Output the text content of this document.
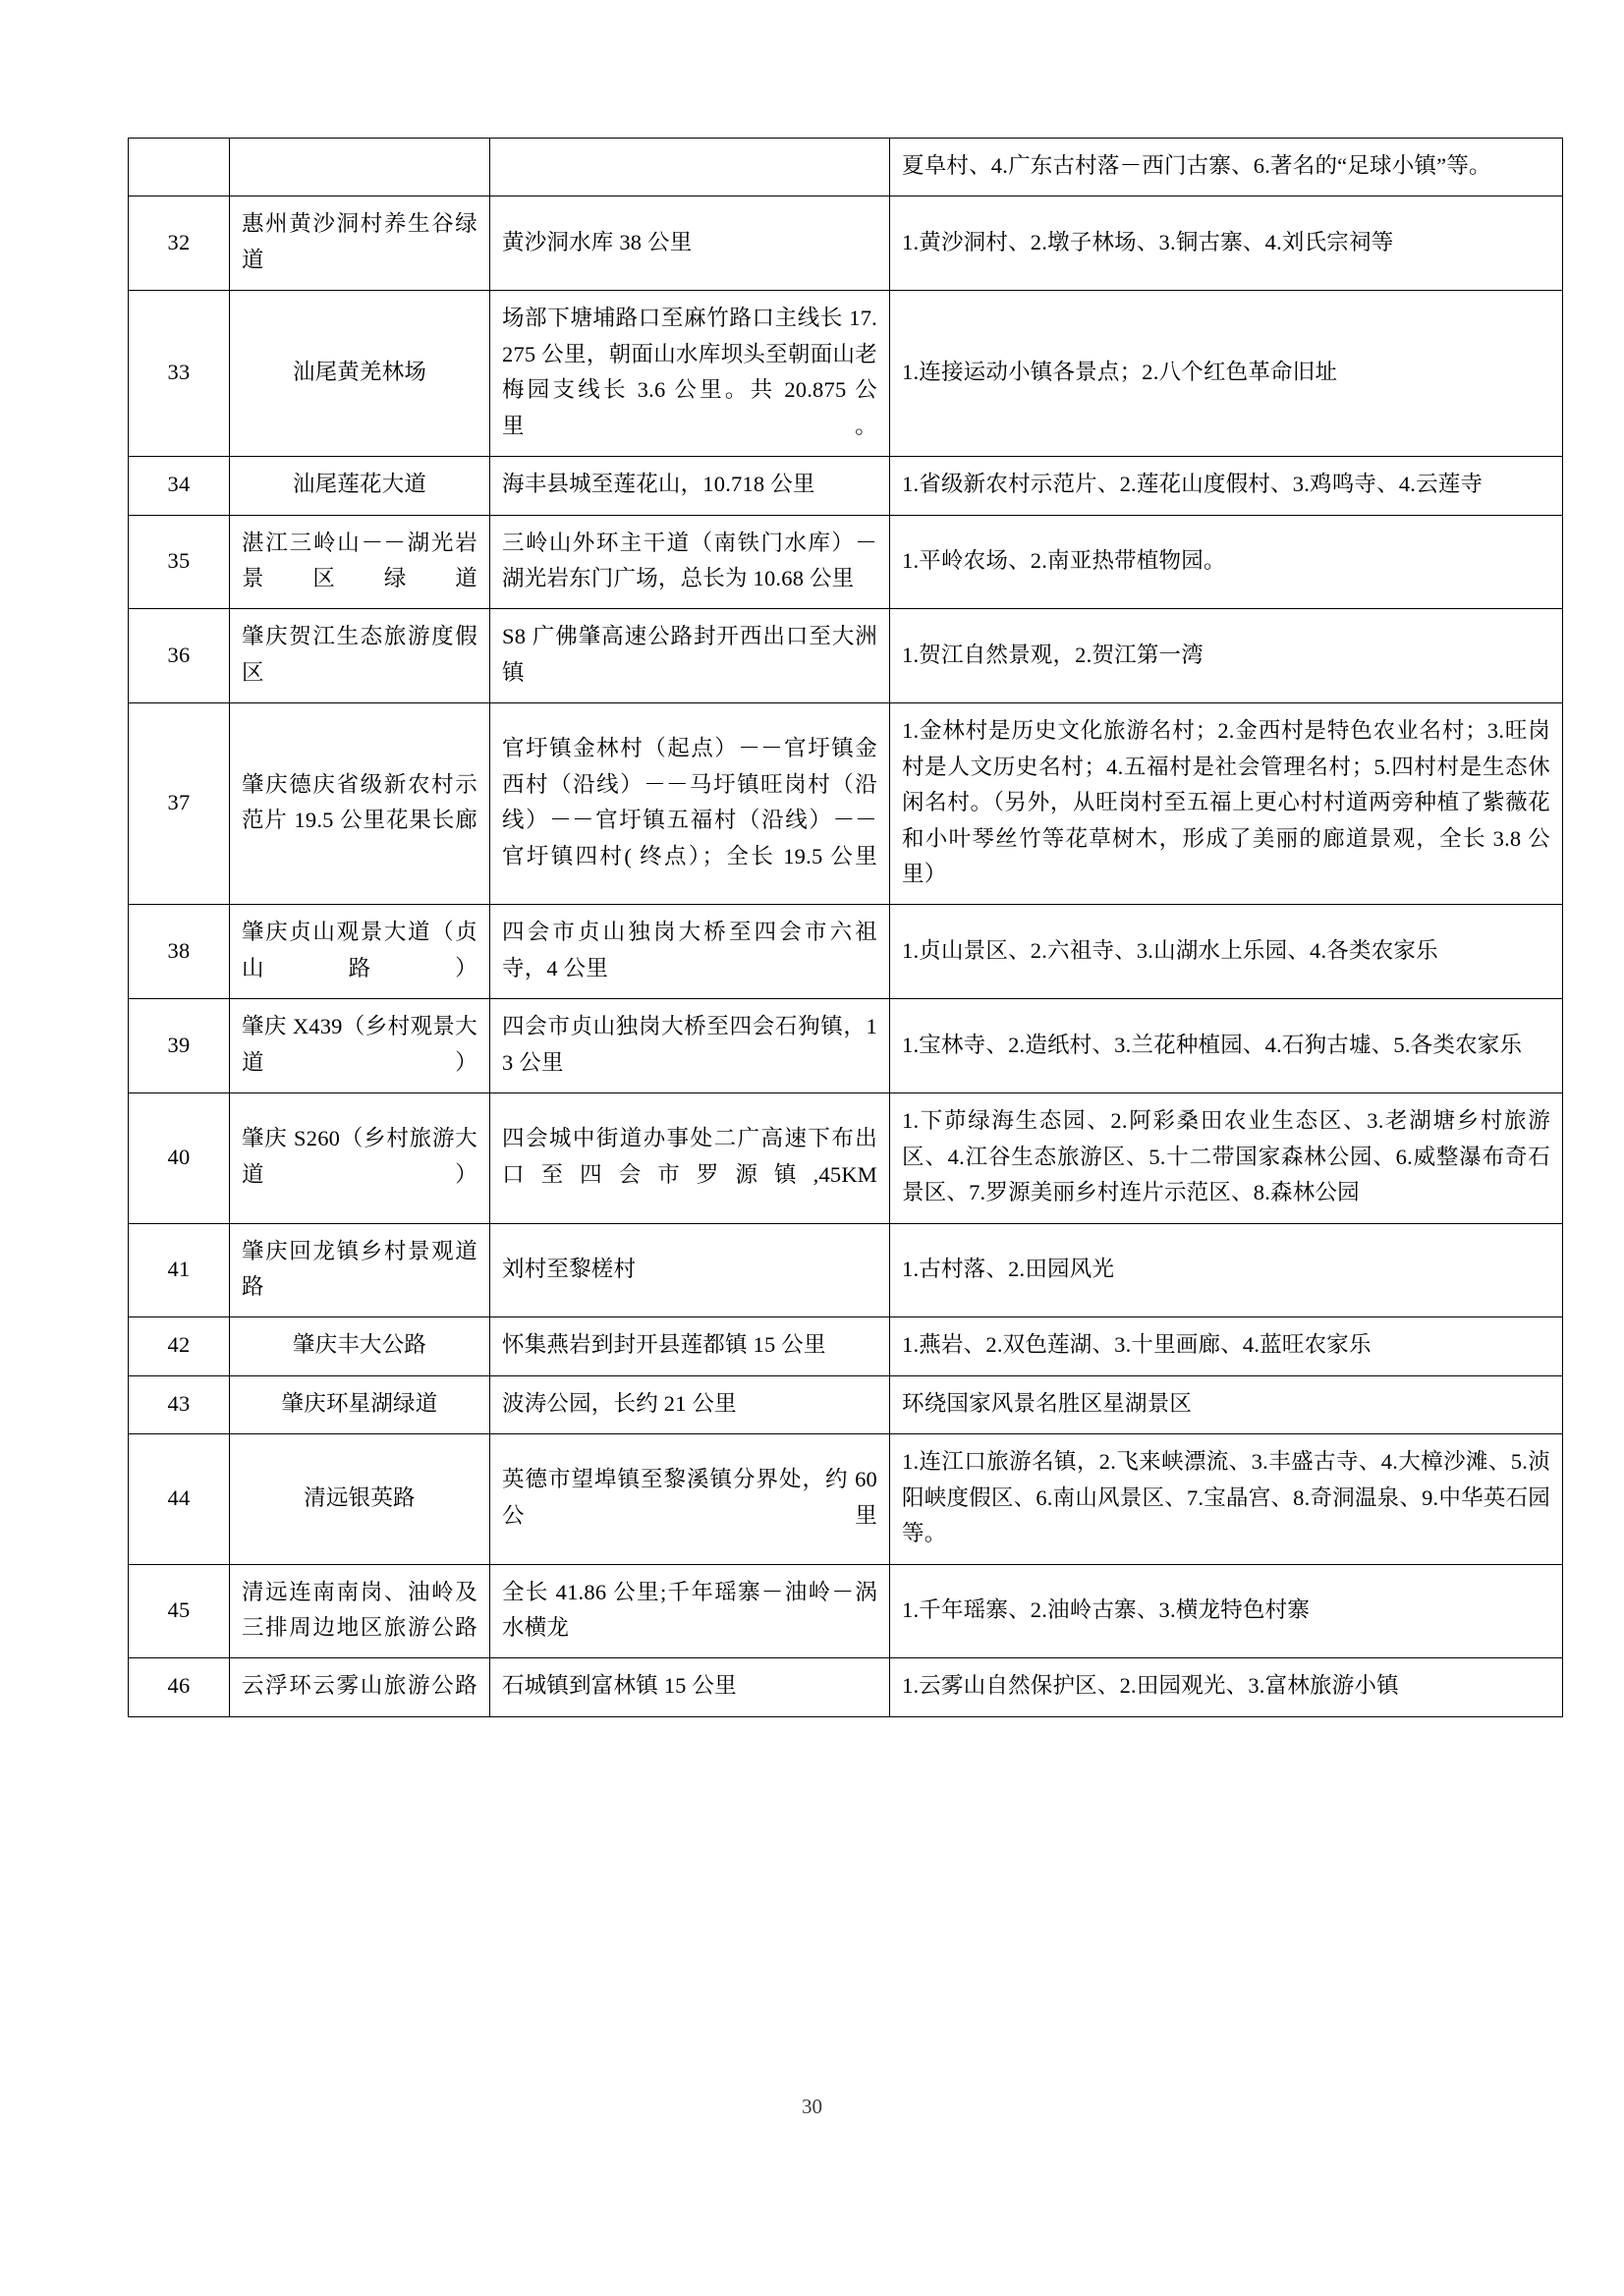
			夏阜村、4.广东古村落－西门古寨、6.著名的“足球小镇”等。
32	惠州黄沙洞村养生谷绿道	黄沙洞水库 38 公里	1.黄沙洞村、2.墩子林场、3.铜古寨、4.刘氏宗祠等
33	汕尾黄羌林场	场部下塘埔路口至麻竹路口主线长 17.275 公里，朝面山水库坝头至朝面山老梅园支线长 3.6 公里。共 20.875 公里。	1.连接运动小镇各景点；2.八个红色革命旧址
34	汕尾莲花大道	海丰县城至莲花山，10.718 公里	1.省级新农村示范片、2.莲花山度假村、3.鸡鸣寺、4.云莲寺
35	湛江三岭山－－湖光岩景区绿道	三岭山外环主干道（南铁门水库）－湖光岩东门广场，总长为 10.68 公里	1.平岭农场、2.南亚热带植物园。
36	肇庆贺江生态旅游度假区	S8 广佛肇高速公路封开西出口至大洲镇	1.贺江自然景观，2.贺江第一湾
37	肇庆德庆省级新农村示范片 19.5 公里花果长廊	官圩镇金林村（起点）－－官圩镇金西村（沿线）－－马圩镇旺岗村（沿线）－－官圩镇五福村（沿线）－－官圩镇四村( 终点）；全长 19.5 公里	1.金林村是历史文化旅游名村；2.金西村是特色农业名村；3.旺岗村是人文历史名村；4.五福村是社会管理名村；5.四村村是生态休闲名村。（另外，从旺岗村至五福上更心村村道两旁种植了紫薇花和小叶琴丝竹等花草树木，形成了美丽的廊道景观，全长 3.8 公里）
38	肇庆贞山观景大道（贞山路）	四会市贞山独岗大桥至四会市六祖寺，4 公里	1.贞山景区、2.六祖寺、3.山湖水上乐园、4.各类农家乐
39	肇庆 X439（乡村观景大道）	四会市贞山独岗大桥至四会石狗镇，13 公里	1.宝林寺、2.造纸村、3.兰花种植园、4.石狗古墟、5.各类农家乐
40	肇庆 S260（乡村旅游大道）	四会城中街道办事处二广高速下布出口至四会市罗源镇,45KM	1.下茆绿海生态园、2.阿彩桑田农业生态区、3.老湖塘乡村旅游区、4.江谷生态旅游区、5.十二带国家森林公园、6.威整瀑布奇石景区、7.罗源美丽乡村连片示范区、8.森林公园
41	肇庆回龙镇乡村景观道路	刘村至黎槎村	1.古村落、2.田园风光
42	肇庆丰大公路	怀集燕岩到封开县莲都镇 15 公里	1.燕岩、2.双色莲湖、3.十里画廊、4.蓝旺农家乐
43	肇庆环星湖绿道	波涛公园，长约 21 公里	环绕国家风景名胜区星湖景区
44	清远银英路	英德市望埠镇至黎溪镇分界处，约 60 公里	1.连江口旅游名镇，2.飞来峡漂流、3.丰盛古寺、4.大樟沙滩、5.浈阳峡度假区、6.南山风景区、7.宝晶宫、8.奇洞温泉、9.中华英石园等。
45	清远连南南岗、油岭及三排周边地区旅游公路	全长 41.86 公里;千年瑶寨－油岭－涡水横龙	1.千年瑶寨、2.油岭古寨、3.横龙特色村寨
46	云浮环云雾山旅游公路	石城镇到富林镇 15 公里	1.云雾山自然保护区、2.田园观光、3.富林旅游小镇
30
